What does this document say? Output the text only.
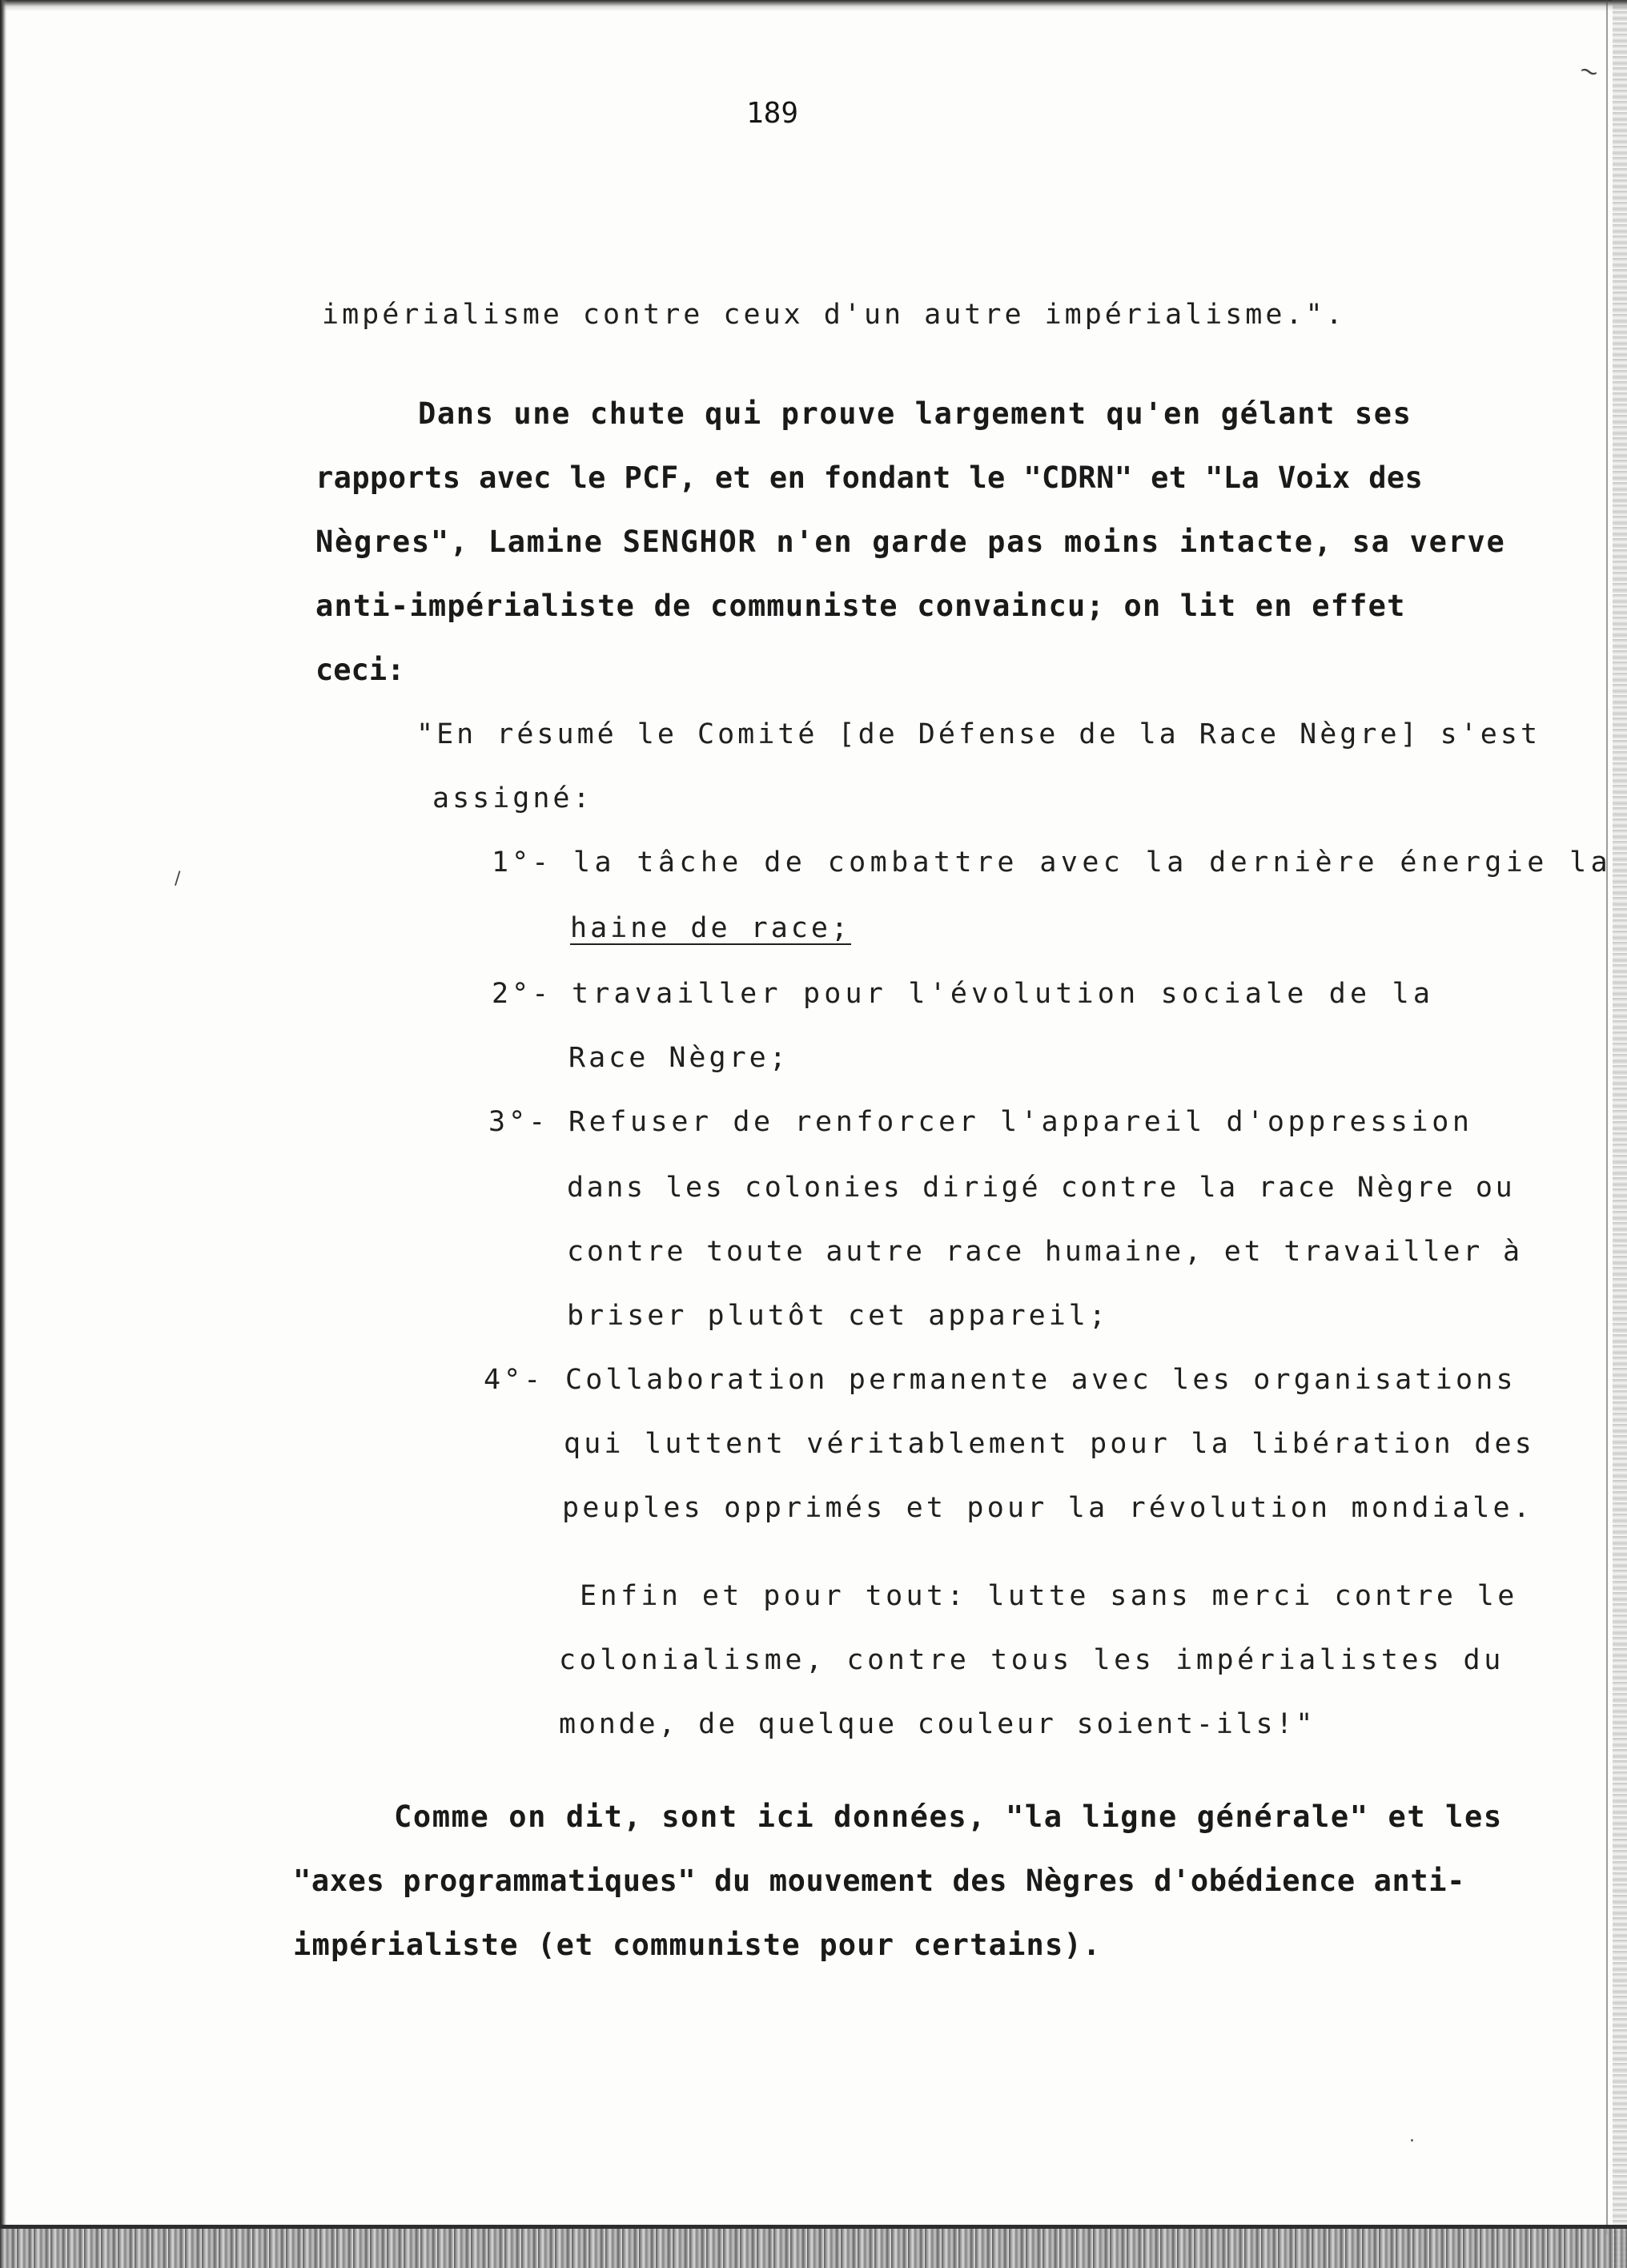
~
/
.
189
impérialisme contre ceux d'un autre impérialisme.".
Dans une chute qui prouve largement qu'en gélant ses
rapports avec le PCF, et en fondant le "CDRN" et "La Voix des
Nègres", Lamine SENGHOR n'en garde pas moins intacte, sa verve
anti-impérialiste de communiste convaincu; on lit en effet
ceci:
"En résumé le Comité [de Défense de la Race Nègre] s'est
assigné:
1°- la tâche de combattre avec la dernière énergie la
haine de race;
2°- travailler pour l'évolution sociale de la
Race Nègre;
3°- Refuser de renforcer l'appareil d'oppression
dans les colonies dirigé contre la race Nègre ou
contre toute autre race humaine, et travailler à
briser plutôt cet appareil;
4°- Collaboration permanente avec les organisations
qui luttent véritablement pour la libération des
peuples opprimés et pour la révolution mondiale.
Enfin et pour tout: lutte sans merci contre le
colonialisme, contre tous les impérialistes du
monde, de quelque couleur soient-ils!"
Comme on dit, sont ici données, "la ligne générale" et les
"axes programmatiques" du mouvement des Nègres d'obédience anti-
impérialiste (et communiste pour certains).
